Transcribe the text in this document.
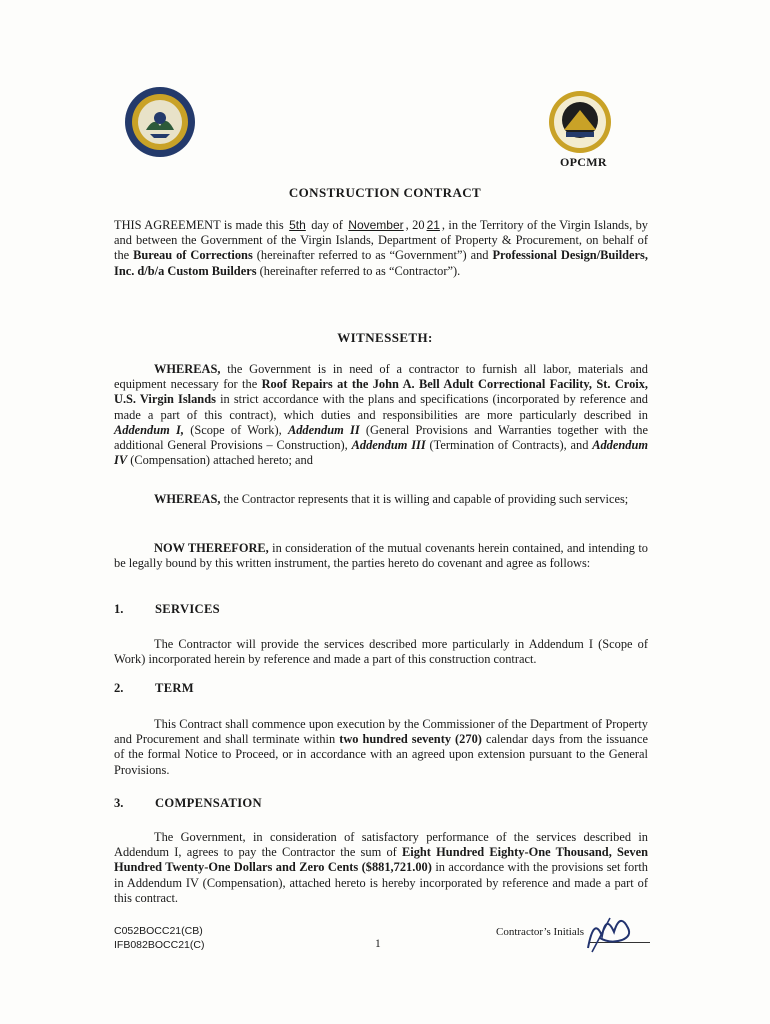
OPCMR
CONSTRUCTION CONTRACT
THIS AGREEMENT is made this 5th day of November , 20 21 , in the Territory of the Virgin Islands, by and between the Government of the Virgin Islands, Department of Property & Procurement, on behalf of the Bureau of Corrections (hereinafter referred to as “Government”) and Professional Design/Builders, Inc. d/b/a Custom Builders (hereinafter referred to as “Contractor”).
WITNESSETH:
WHEREAS, the Government is in need of a contractor to furnish all labor, materials and equipment necessary for the Roof Repairs at the John A. Bell Adult Correctional Facility, St. Croix, U.S. Virgin Islands in strict accordance with the plans and specifications (incorporated by reference and made a part of this contract), which duties and responsibilities are more particularly described in Addendum I, (Scope of Work), Addendum II (General Provisions and Warranties together with the additional General Provisions – Construction), Addendum III (Termination of Contracts), and Addendum IV (Compensation) attached hereto; and
WHEREAS, the Contractor represents that it is willing and capable of providing such services;
NOW THEREFORE, in consideration of the mutual covenants herein contained, and intending to be legally bound by this written instrument, the parties hereto do covenant and agree as follows:
1.	SERVICES
The Contractor will provide the services described more particularly in Addendum I (Scope of Work) incorporated herein by reference and made a part of this construction contract.
2.	TERM
This Contract shall commence upon execution by the Commissioner of the Department of Property and Procurement and shall terminate within two hundred seventy (270) calendar days from the issuance of the formal Notice to Proceed, or in accordance with an agreed upon extension pursuant to the General Provisions.
3.	COMPENSATION
The Government, in consideration of satisfactory performance of the services described in Addendum I, agrees to pay the Contractor the sum of Eight Hundred Eighty-One Thousand, Seven Hundred Twenty-One Dollars and Zero Cents ($881,721.00) in accordance with the provisions set forth in Addendum IV (Compensation), attached hereto is hereby incorporated by reference and made a part of this contract.
C052BOCC21(CB)
IFB082BOCC21(C)	1
Contractor’s Initials
